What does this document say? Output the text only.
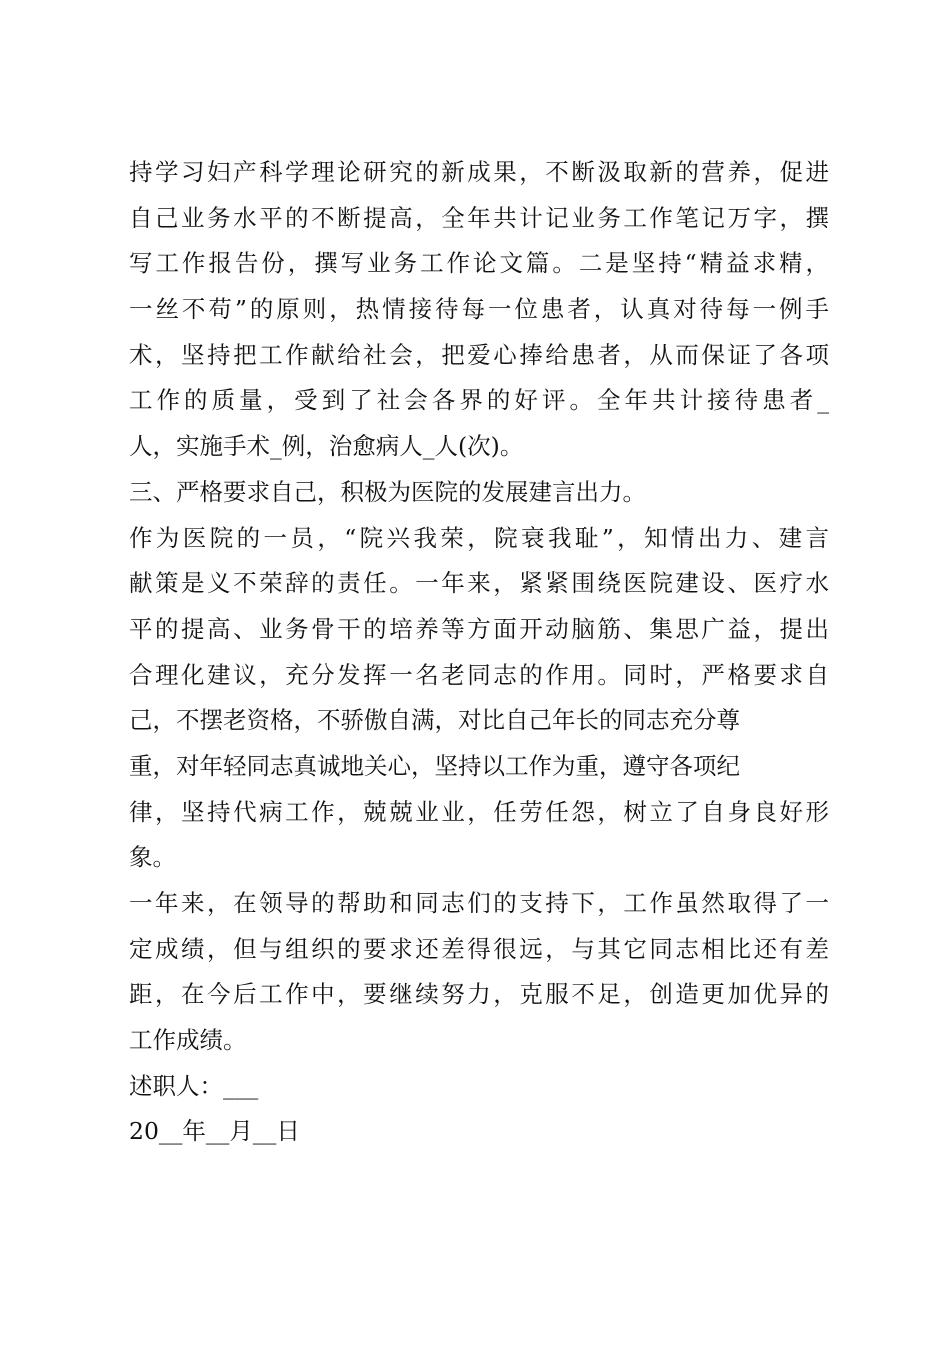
持学习妇产科学理论研究的新成果，不断汲取新的营养，促进
自己业务水平的不断提高，全年共计记业务工作笔记万字，撰
写工作报告份，撰写业务工作论文篇。二是坚持“精益求精，
一丝不苟”的原则，热情接待每一位患者，认真对待每一例手
术，坚持把工作献给社会，把爱心捧给患者，从而保证了各项
工作的质量，受到了社会各界的好评。全年共计接待患者_
人，实施手术_例，治愈病人_人(次)。
三、严格要求自己，积极为医院的发展建言出力。
作为医院的一员，“院兴我荣，院衰我耻”，知情出力、建言
献策是义不荣辞的责任。一年来，紧紧围绕医院建设、医疗水
平的提高、业务骨干的培养等方面开动脑筋、集思广益，提出
合理化建议，充分发挥一名老同志的作用。同时，严格要求自
己，不摆老资格，不骄傲自满，对比自己年长的同志充分尊
重，对年轻同志真诚地关心，坚持以工作为重，遵守各项纪
律，坚持代病工作，兢兢业业，任劳任怨，树立了自身良好形
象。
一年来，在领导的帮助和同志们的支持下，工作虽然取得了一
定成绩，但与组织的要求还差得很远，与其它同志相比还有差
距，在今后工作中，要继续努力，克服不足，创造更加优异的
工作成绩。
述职人：___
20__年__月__日
